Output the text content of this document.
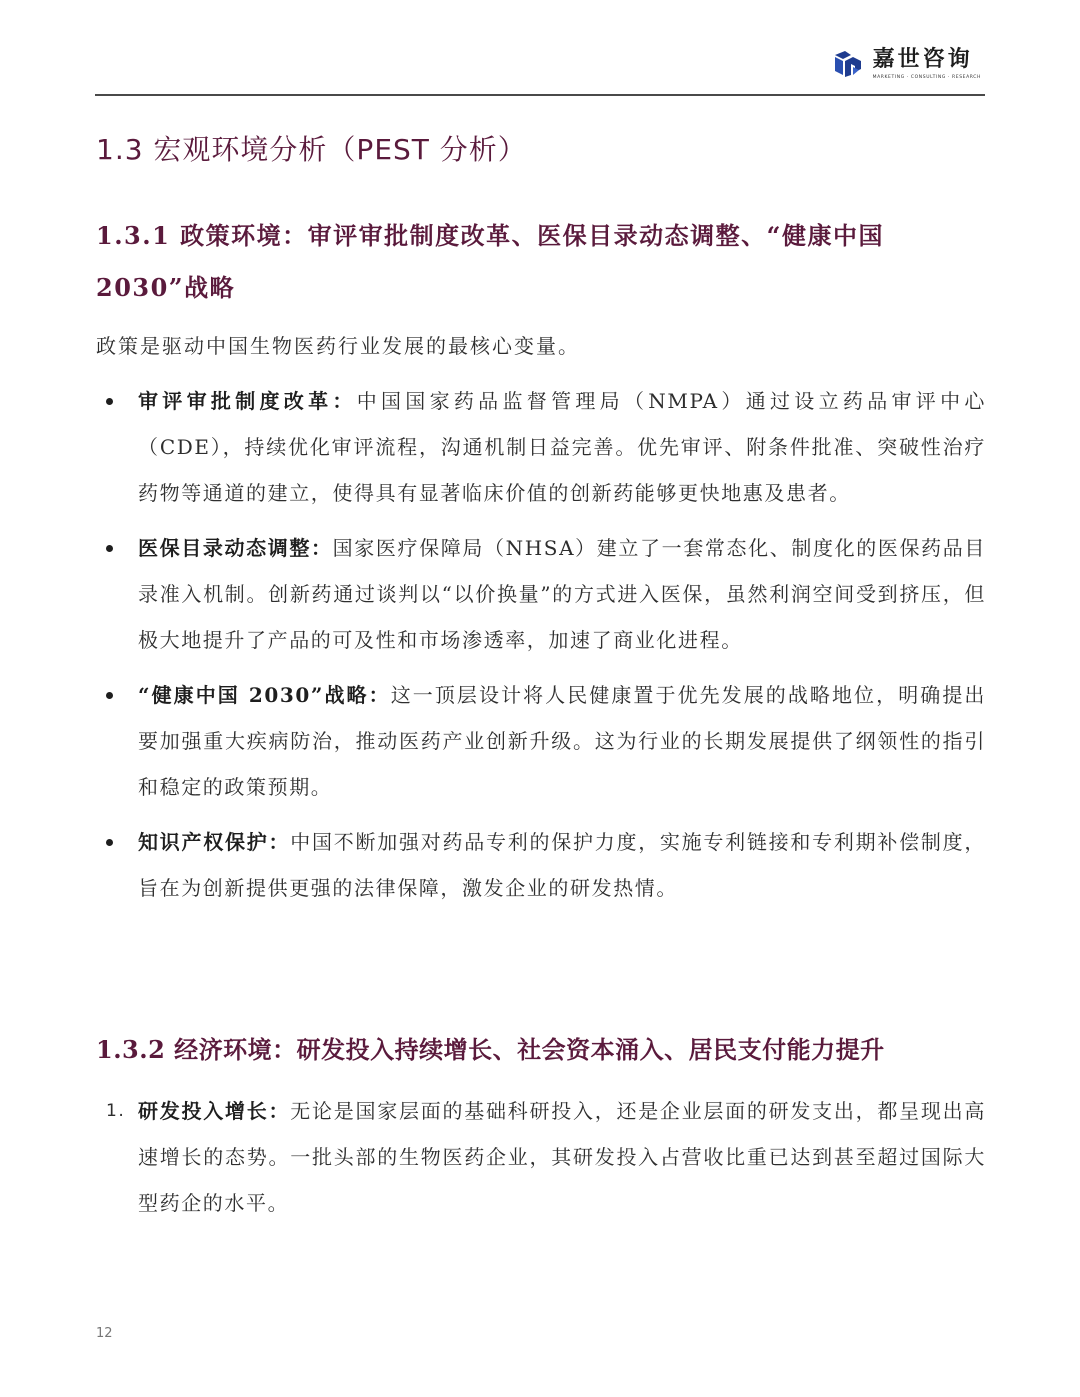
嘉世咨询
MARKETING · CONSULTING · RESEARCH
1.3 宏观环境分析（PEST 分析）
1.3.1 政策环境：审评审批制度改革、医保目录动态调整、“健康中国 2030”战略
政策是驱动中国生物医药行业发展的最核心变量。
审评审批制度改革：中国国家药品监督管理局（NMPA）通过设立药品审评中心（CDE），持续优化审评流程，沟通机制日益完善。优先审评、附条件批准、突破性治疗药物等通道的建立，使得具有显著临床价值的创新药能够更快地惠及患者。
医保目录动态调整：国家医疗保障局（NHSA）建立了一套常态化、制度化的医保药品目录准入机制。创新药通过谈判以“以价换量”的方式进入医保，虽然利润空间受到挤压，但极大地提升了产品的可及性和市场渗透率，加速了商业化进程。
“健康中国 2030”战略：这一顶层设计将人民健康置于优先发展的战略地位，明确提出要加强重大疾病防治，推动医药产业创新升级。这为行业的长期发展提供了纲领性的指引和稳定的政策预期。
知识产权保护：中国不断加强对药品专利的保护力度，实施专利链接和专利期补偿制度，旨在为创新提供更强的法律保障，激发企业的研发热情。
1.3.2 经济环境：研发投入持续增长、社会资本涌入、居民支付能力提升
1. 研发投入增长：无论是国家层面的基础科研投入，还是企业层面的研发支出，都呈现出高速增长的态势。一批头部的生物医药企业，其研发投入占营收比重已达到甚至超过国际大型药企的水平。
12
